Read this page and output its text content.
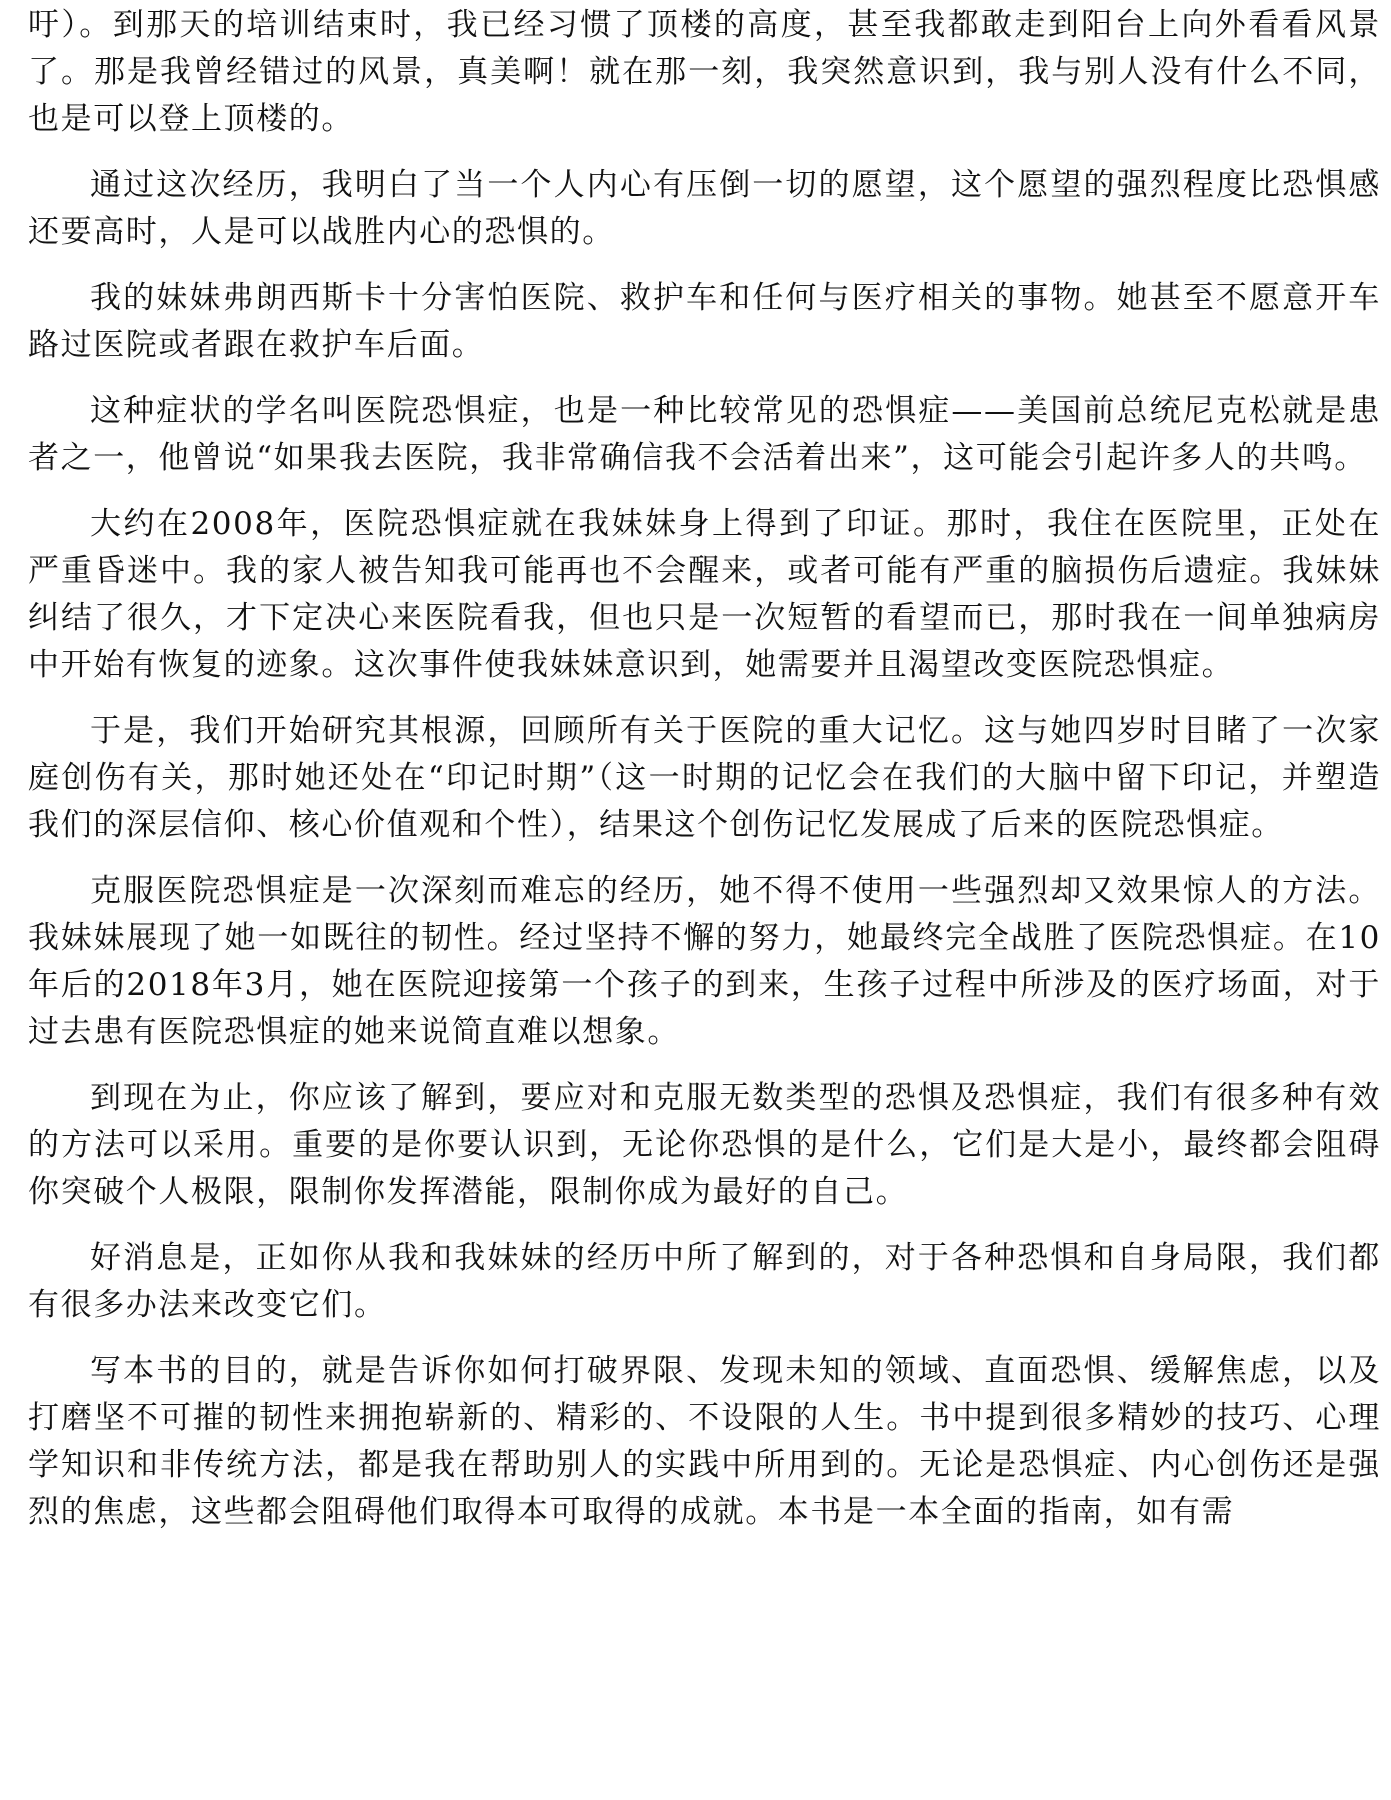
吁）。到那天的培训结束时，我已经习惯了顶楼的高度，甚至我都敢走到阳台上向外看看风景了。那是我曾经错过的风景，真美啊！就在那一刻，我突然意识到，我与别人没有什么不同，也是可以登上顶楼的。

通过这次经历，我明白了当一个人内心有压倒一切的愿望，这个愿望的强烈程度比恐惧感还要高时，人是可以战胜内心的恐惧的。

我的妹妹弗朗西斯卡十分害怕医院、救护车和任何与医疗相关的事物。她甚至不愿意开车路过医院或者跟在救护车后面。

这种症状的学名叫医院恐惧症，也是一种比较常见的恐惧症——美国前总统尼克松就是患者之一，他曾说“如果我去医院，我非常确信我不会活着出来”，这可能会引起许多人的共鸣。

大约在2008年，医院恐惧症就在我妹妹身上得到了印证。那时，我住在医院里，正处在严重昏迷中。我的家人被告知我可能再也不会醒来，或者可能有严重的脑损伤后遗症。我妹妹纠结了很久，才下定决心来医院看我，但也只是一次短暂的看望而已，那时我在一间单独病房中开始有恢复的迹象。这次事件使我妹妹意识到，她需要并且渴望改变医院恐惧症。

于是，我们开始研究其根源，回顾所有关于医院的重大记忆。这与她四岁时目睹了一次家庭创伤有关，那时她还处在“印记时期”（这一时期的记忆会在我们的大脑中留下印记，并塑造我们的深层信仰、核心价值观和个性），结果这个创伤记忆发展成了后来的医院恐惧症。

克服医院恐惧症是一次深刻而难忘的经历，她不得不使用一些强烈却又效果惊人的方法。我妹妹展现了她一如既往的韧性。经过坚持不懈的努力，她最终完全战胜了医院恐惧症。在10年后的2018年3月，她在医院迎接第一个孩子的到来，生孩子过程中所涉及的医疗场面，对于过去患有医院恐惧症的她来说简直难以想象。

到现在为止，你应该了解到，要应对和克服无数类型的恐惧及恐惧症，我们有很多种有效的方法可以采用。重要的是你要认识到，无论你恐惧的是什么，它们是大是小，最终都会阻碍你突破个人极限，限制你发挥潜能，限制你成为最好的自己。

好消息是，正如你从我和我妹妹的经历中所了解到的，对于各种恐惧和自身局限，我们都有很多办法来改变它们。

写本书的目的，就是告诉你如何打破界限、发现未知的领域、直面恐惧、缓解焦虑，以及打磨坚不可摧的韧性来拥抱崭新的、精彩的、不设限的人生。书中提到很多精妙的技巧、心理学知识和非传统方法，都是我在帮助别人的实践中所用到的。无论是恐惧症、内心创伤还是强烈的焦虑，这些都会阻碍他们取得本可取得的成就。本书是一本全面的指南，如有需
